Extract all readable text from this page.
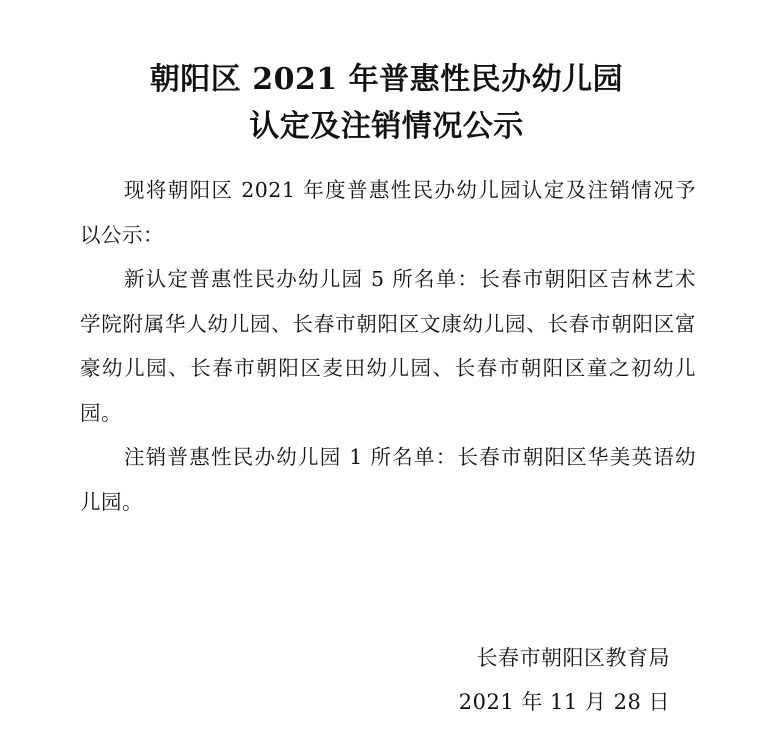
朝阳区 2021 年普惠性民办幼儿园
认定及注销情况公示

现将朝阳区 2021 年度普惠性民办幼儿园认定及注销情况予以公示：

新认定普惠性民办幼儿园 5 所名单：长春市朝阳区吉林艺术学院附属华人幼儿园、长春市朝阳区文康幼儿园、长春市朝阳区富豪幼儿园、长春市朝阳区麦田幼儿园、长春市朝阳区童之初幼儿园。

注销普惠性民办幼儿园 1 所名单：长春市朝阳区华美英语幼儿园。

长春市朝阳区教育局
2021 年 11 月 28 日
